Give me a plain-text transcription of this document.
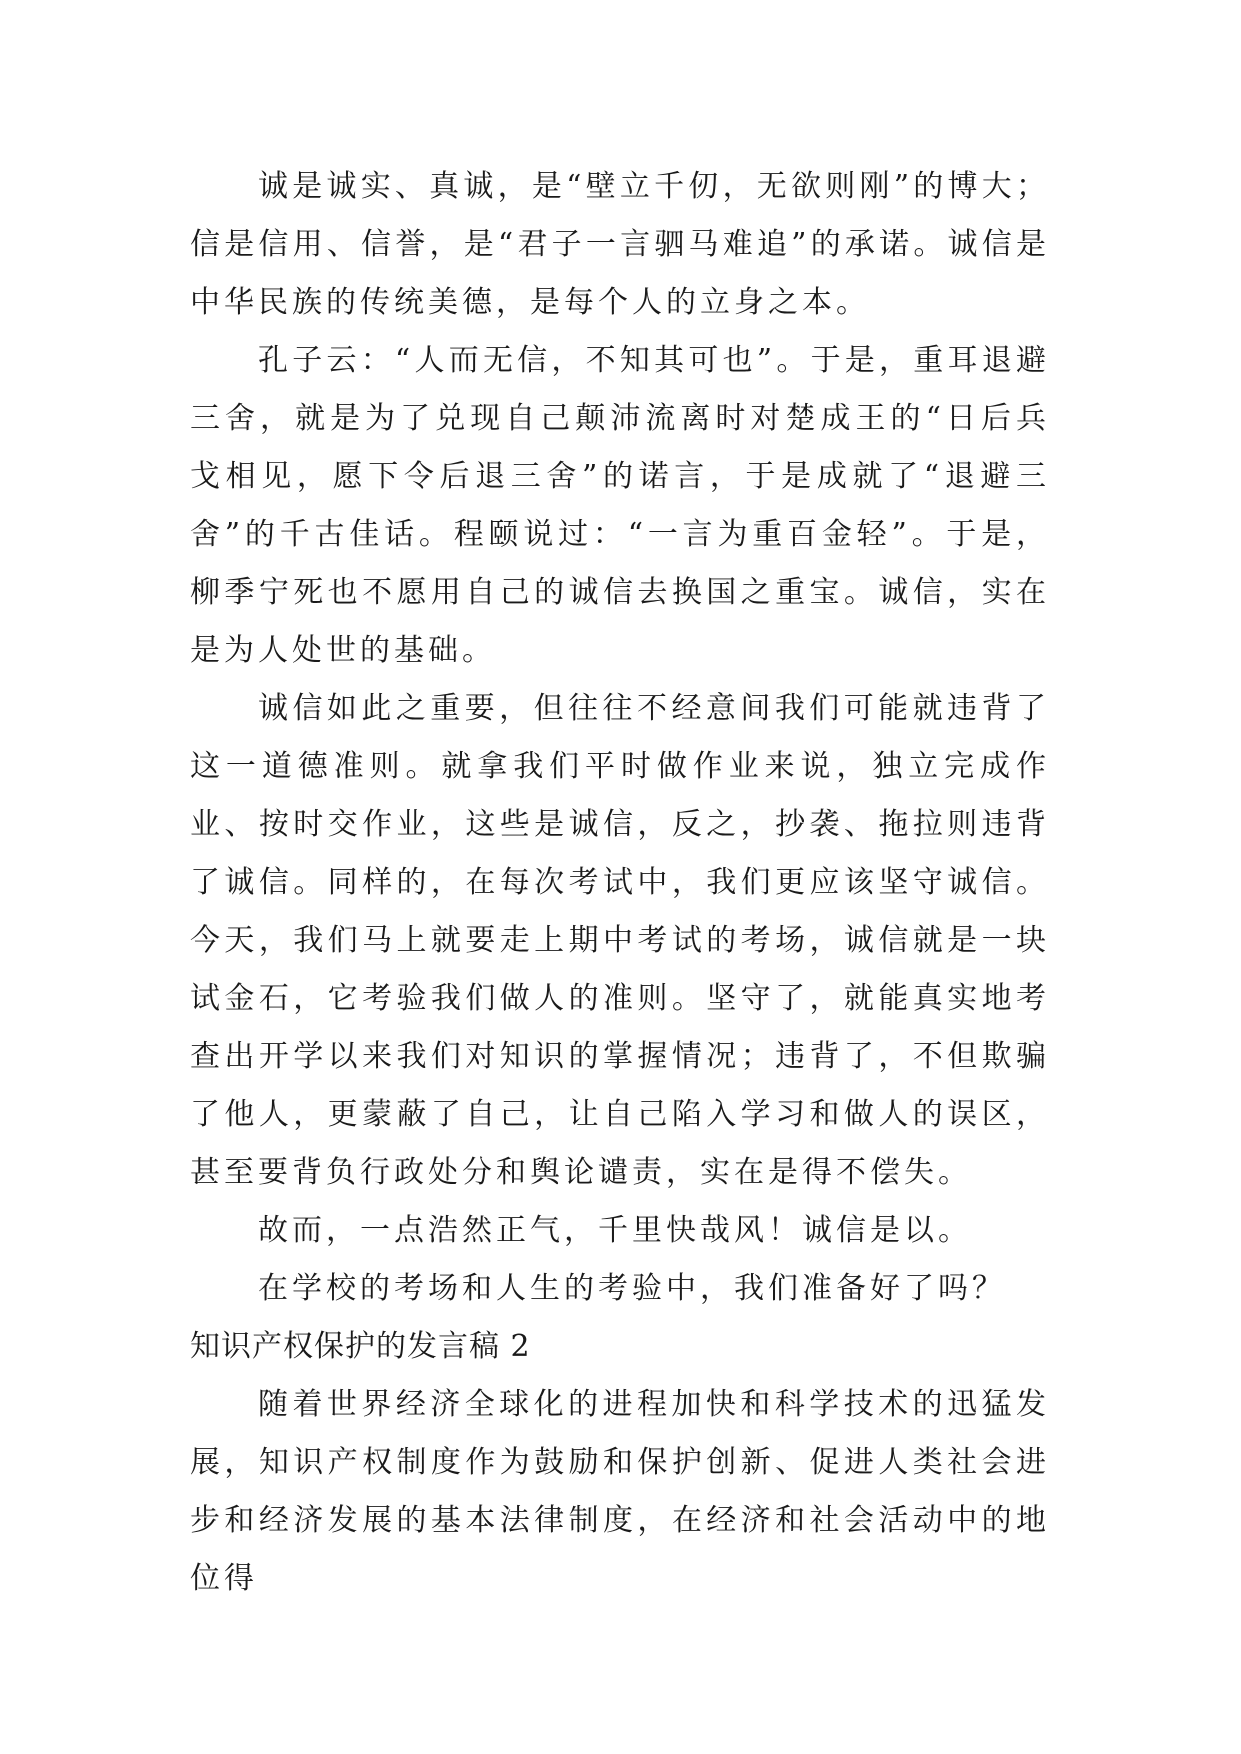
诚是诚实、真诚，是“壁立千仞，无欲则刚”的博大；信是信用、信誉，是“君子一言驷马难追”的承诺。诚信是中华民族的传统美德，是每个人的立身之本。

孔子云：“人而无信，不知其可也”。于是，重耳退避三舍，就是为了兑现自己颠沛流离时对楚成王的“日后兵戈相见，愿下令后退三舍”的诺言，于是成就了“退避三舍”的千古佳话。程颐说过：“一言为重百金轻”。于是，柳季宁死也不愿用自己的诚信去换国之重宝。诚信，实在是为人处世的基础。

诚信如此之重要，但往往不经意间我们可能就违背了这一道德准则。就拿我们平时做作业来说，独立完成作业、按时交作业，这些是诚信，反之，抄袭、拖拉则违背了诚信。同样的，在每次考试中，我们更应该坚守诚信。今天，我们马上就要走上期中考试的考场，诚信就是一块试金石，它考验我们做人的准则。坚守了，就能真实地考查出开学以来我们对知识的掌握情况；违背了，不但欺骗了他人，更蒙蔽了自己，让自己陷入学习和做人的误区，甚至要背负行政处分和舆论谴责，实在是得不偿失。

故而，一点浩然正气，千里快哉风！诚信是以。

在学校的考场和人生的考验中，我们准备好了吗？

知识产权保护的发言稿 2

随着世界经济全球化的进程加快和科学技术的迅猛发展，知识产权制度作为鼓励和保护创新、促进人类社会进步和经济发展的基本法律制度，在经济和社会活动中的地位得
